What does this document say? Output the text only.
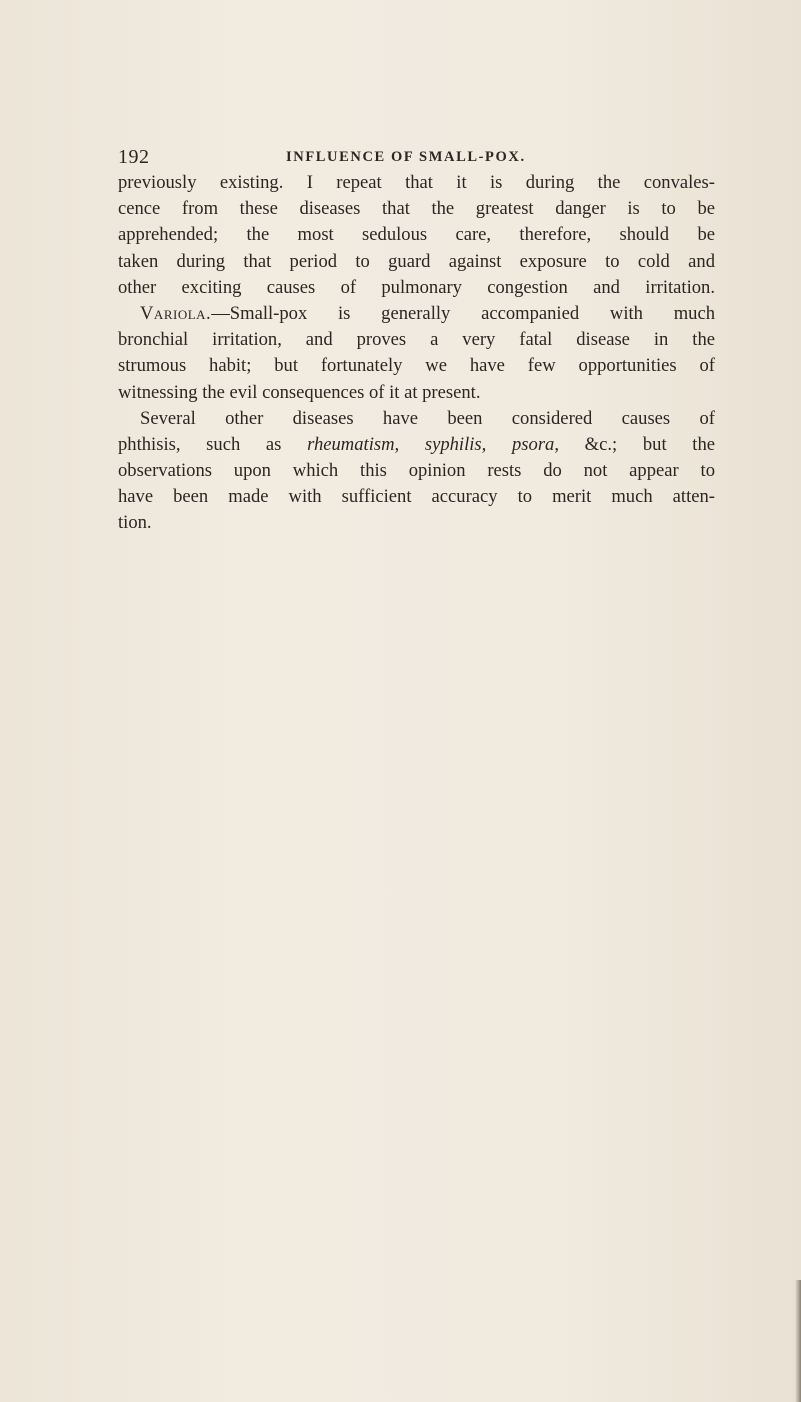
192	INFLUENCE OF SMALL-POX.
previously existing. I repeat that it is during the convales-
cence from these diseases that the greatest danger is to be
apprehended; the most sedulous care, therefore, should be
taken during that period to guard against exposure to cold and
other exciting causes of pulmonary congestion and irritation.
Variola.—Small-pox is generally accompanied with much
bronchial irritation, and proves a very fatal disease in the
strumous habit; but fortunately we have few opportunities of
witnessing the evil consequences of it at present.
Several other diseases have been considered causes of
phthisis, such as rheumatism, syphilis, psora, &c.; but the
observations upon which this opinion rests do not appear to
have been made with sufficient accuracy to merit much atten-
tion.
